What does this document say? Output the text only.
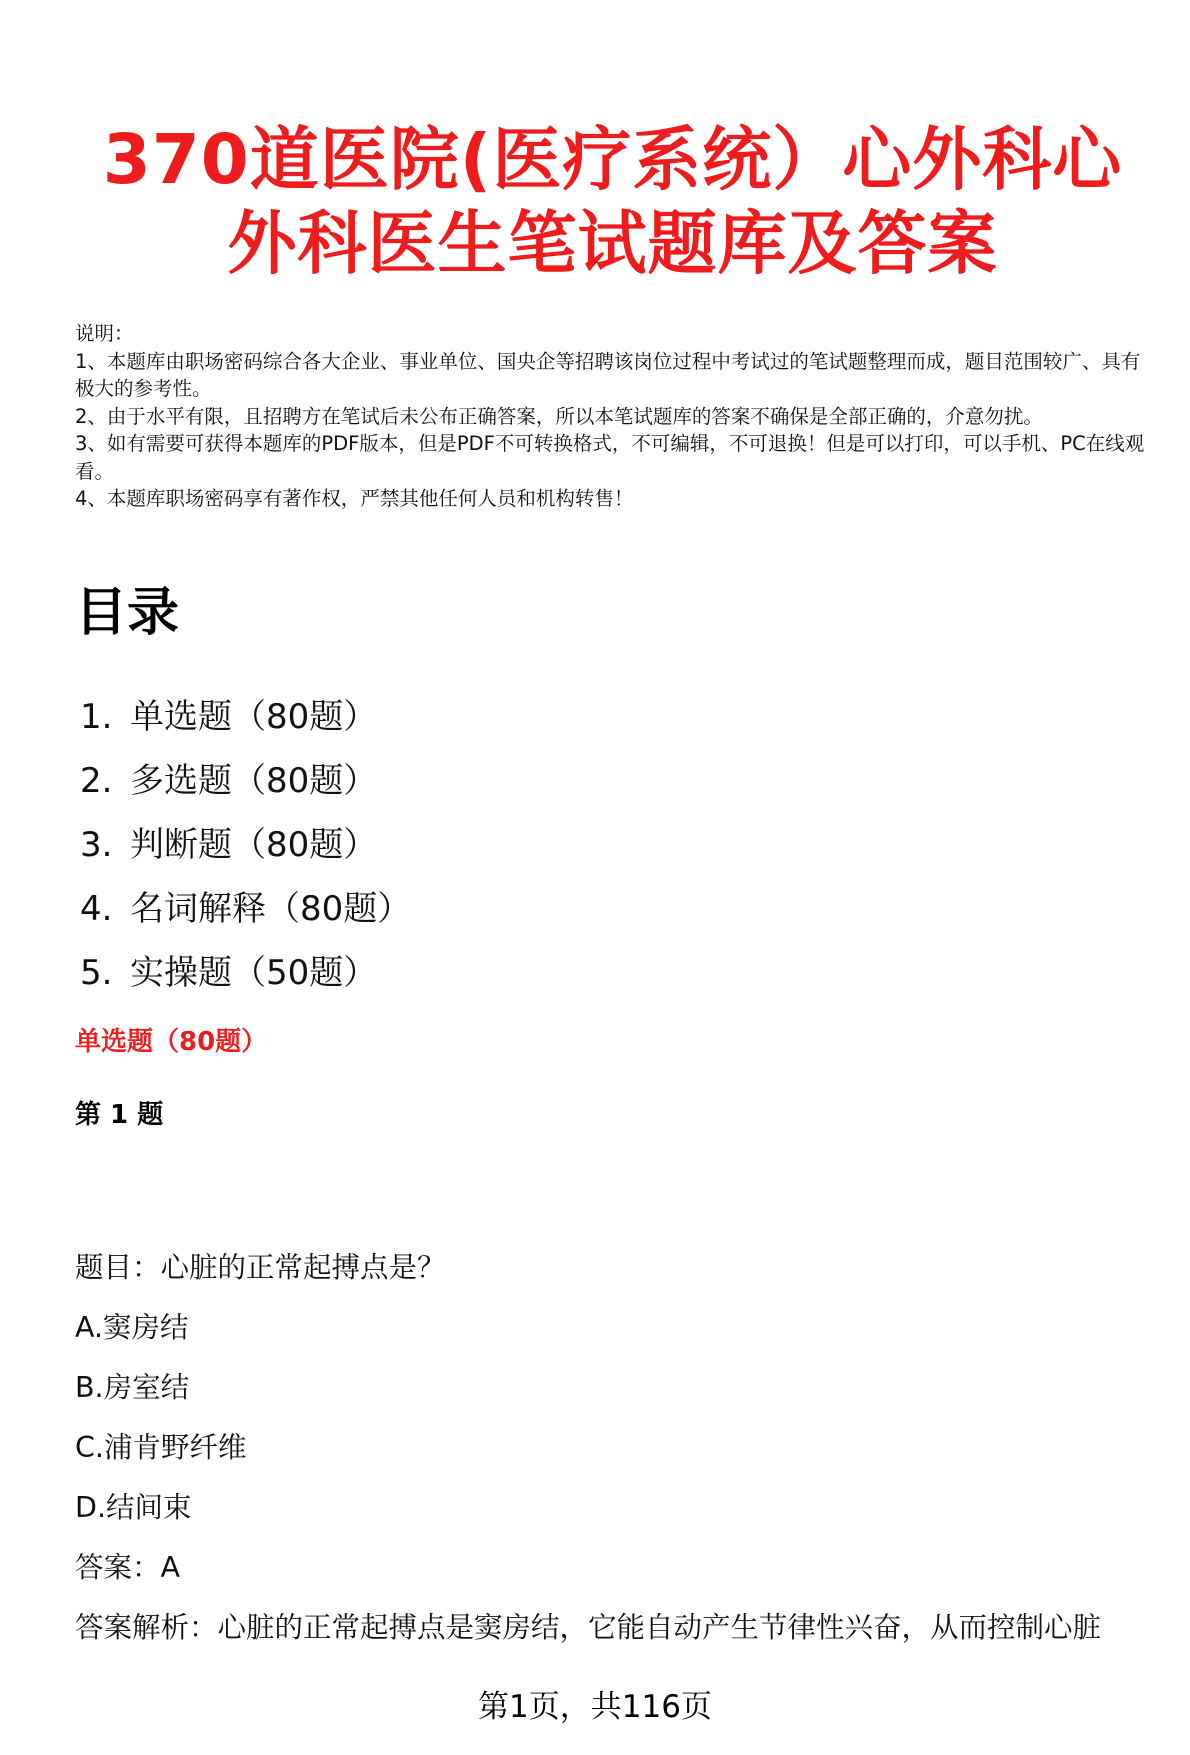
370道医院(医疗系统）心外科心外科医生笔试题库及答案
说明：
1、本题库由职场密码综合各大企业、事业单位、国央企等招聘该岗位过程中考试过的笔试题整理而成，题目范围较广、具有极大的参考性。
2、由于水平有限，且招聘方在笔试后未公布正确答案，所以本笔试题库的答案不确保是全部正确的，介意勿扰。
3、如有需要可获得本题库的PDF版本，但是PDF不可转换格式，不可编辑，不可退换！但是可以打印，可以手机、PC在线观看。
4、本题库职场密码享有著作权，严禁其他任何人员和机构转售！
目录
1. 单选题（80题）
2. 多选题（80题）
3. 判断题（80题）
4. 名词解释（80题）
5. 实操题（50题）
单选题（80题）
第 1 题
题目：心脏的正常起搏点是？
A.窦房结
B.房室结
C.浦肯野纤维
D.结间束
答案：A
答案解析：心脏的正常起搏点是窦房结，它能自动产生节律性兴奋，从而控制心脏
第1页，共116页
